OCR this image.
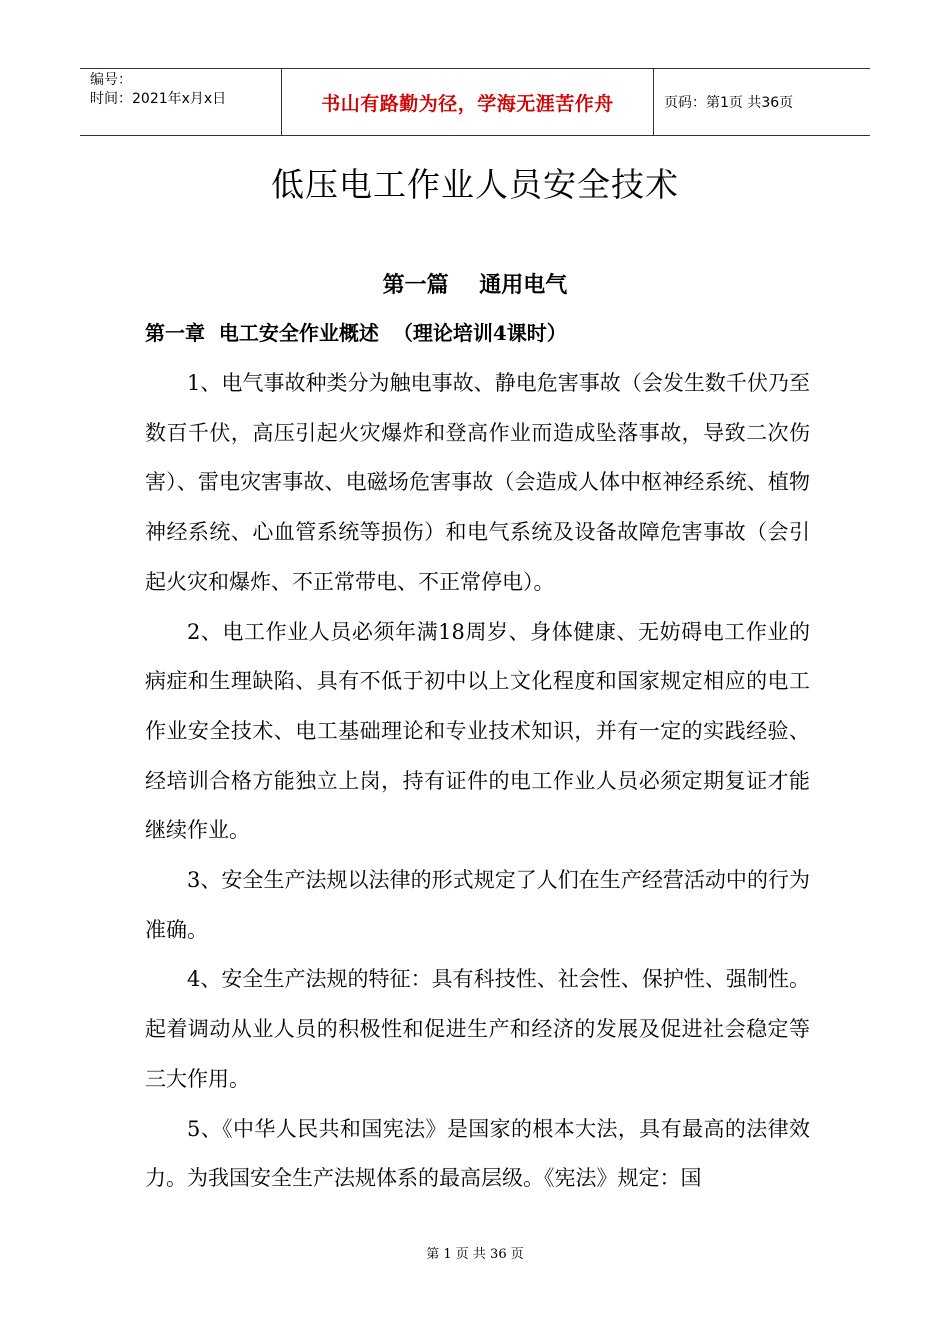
编号：
时间：2021年x月x日	书山有路勤为径，学海无涯苦作舟	页码：第1页 共36页
低压电工作业人员安全技术
第一篇    通用电气
第一章  电工安全作业概述  （理论培训4课时）

1、电气事故种类分为触电事故、静电危害事故（会发生数千伏乃至数百千伏，高压引起火灾爆炸和登高作业而造成坠落事故，导致二次伤害）、雷电灾害事故、电磁场危害事故（会造成人体中枢神经系统、植物神经系统、心血管系统等损伤）和电气系统及设备故障危害事故（会引起火灾和爆炸、不正常带电、不正常停电）。

2、电工作业人员必须年满18周岁、身体健康、无妨碍电工作业的病症和生理缺陷、具有不低于初中以上文化程度和国家规定相应的电工作业安全技术、电工基础理论和专业技术知识，并有一定的实践经验、经培训合格方能独立上岗，持有证件的电工作业人员必须定期复证才能继续作业。

3、安全生产法规以法律的形式规定了人们在生产经营活动中的行为准确。

4、安全生产法规的特征：具有科技性、社会性、保护性、强制性。起着调动从业人员的积极性和促进生产和经济的发展及促进社会稳定等三大作用。

5、《中华人民共和国宪法》是国家的根本大法，具有最高的法律效力。为我国安全生产法规体系的最高层级。《宪法》规定：国

第 1 页 共 36 页
